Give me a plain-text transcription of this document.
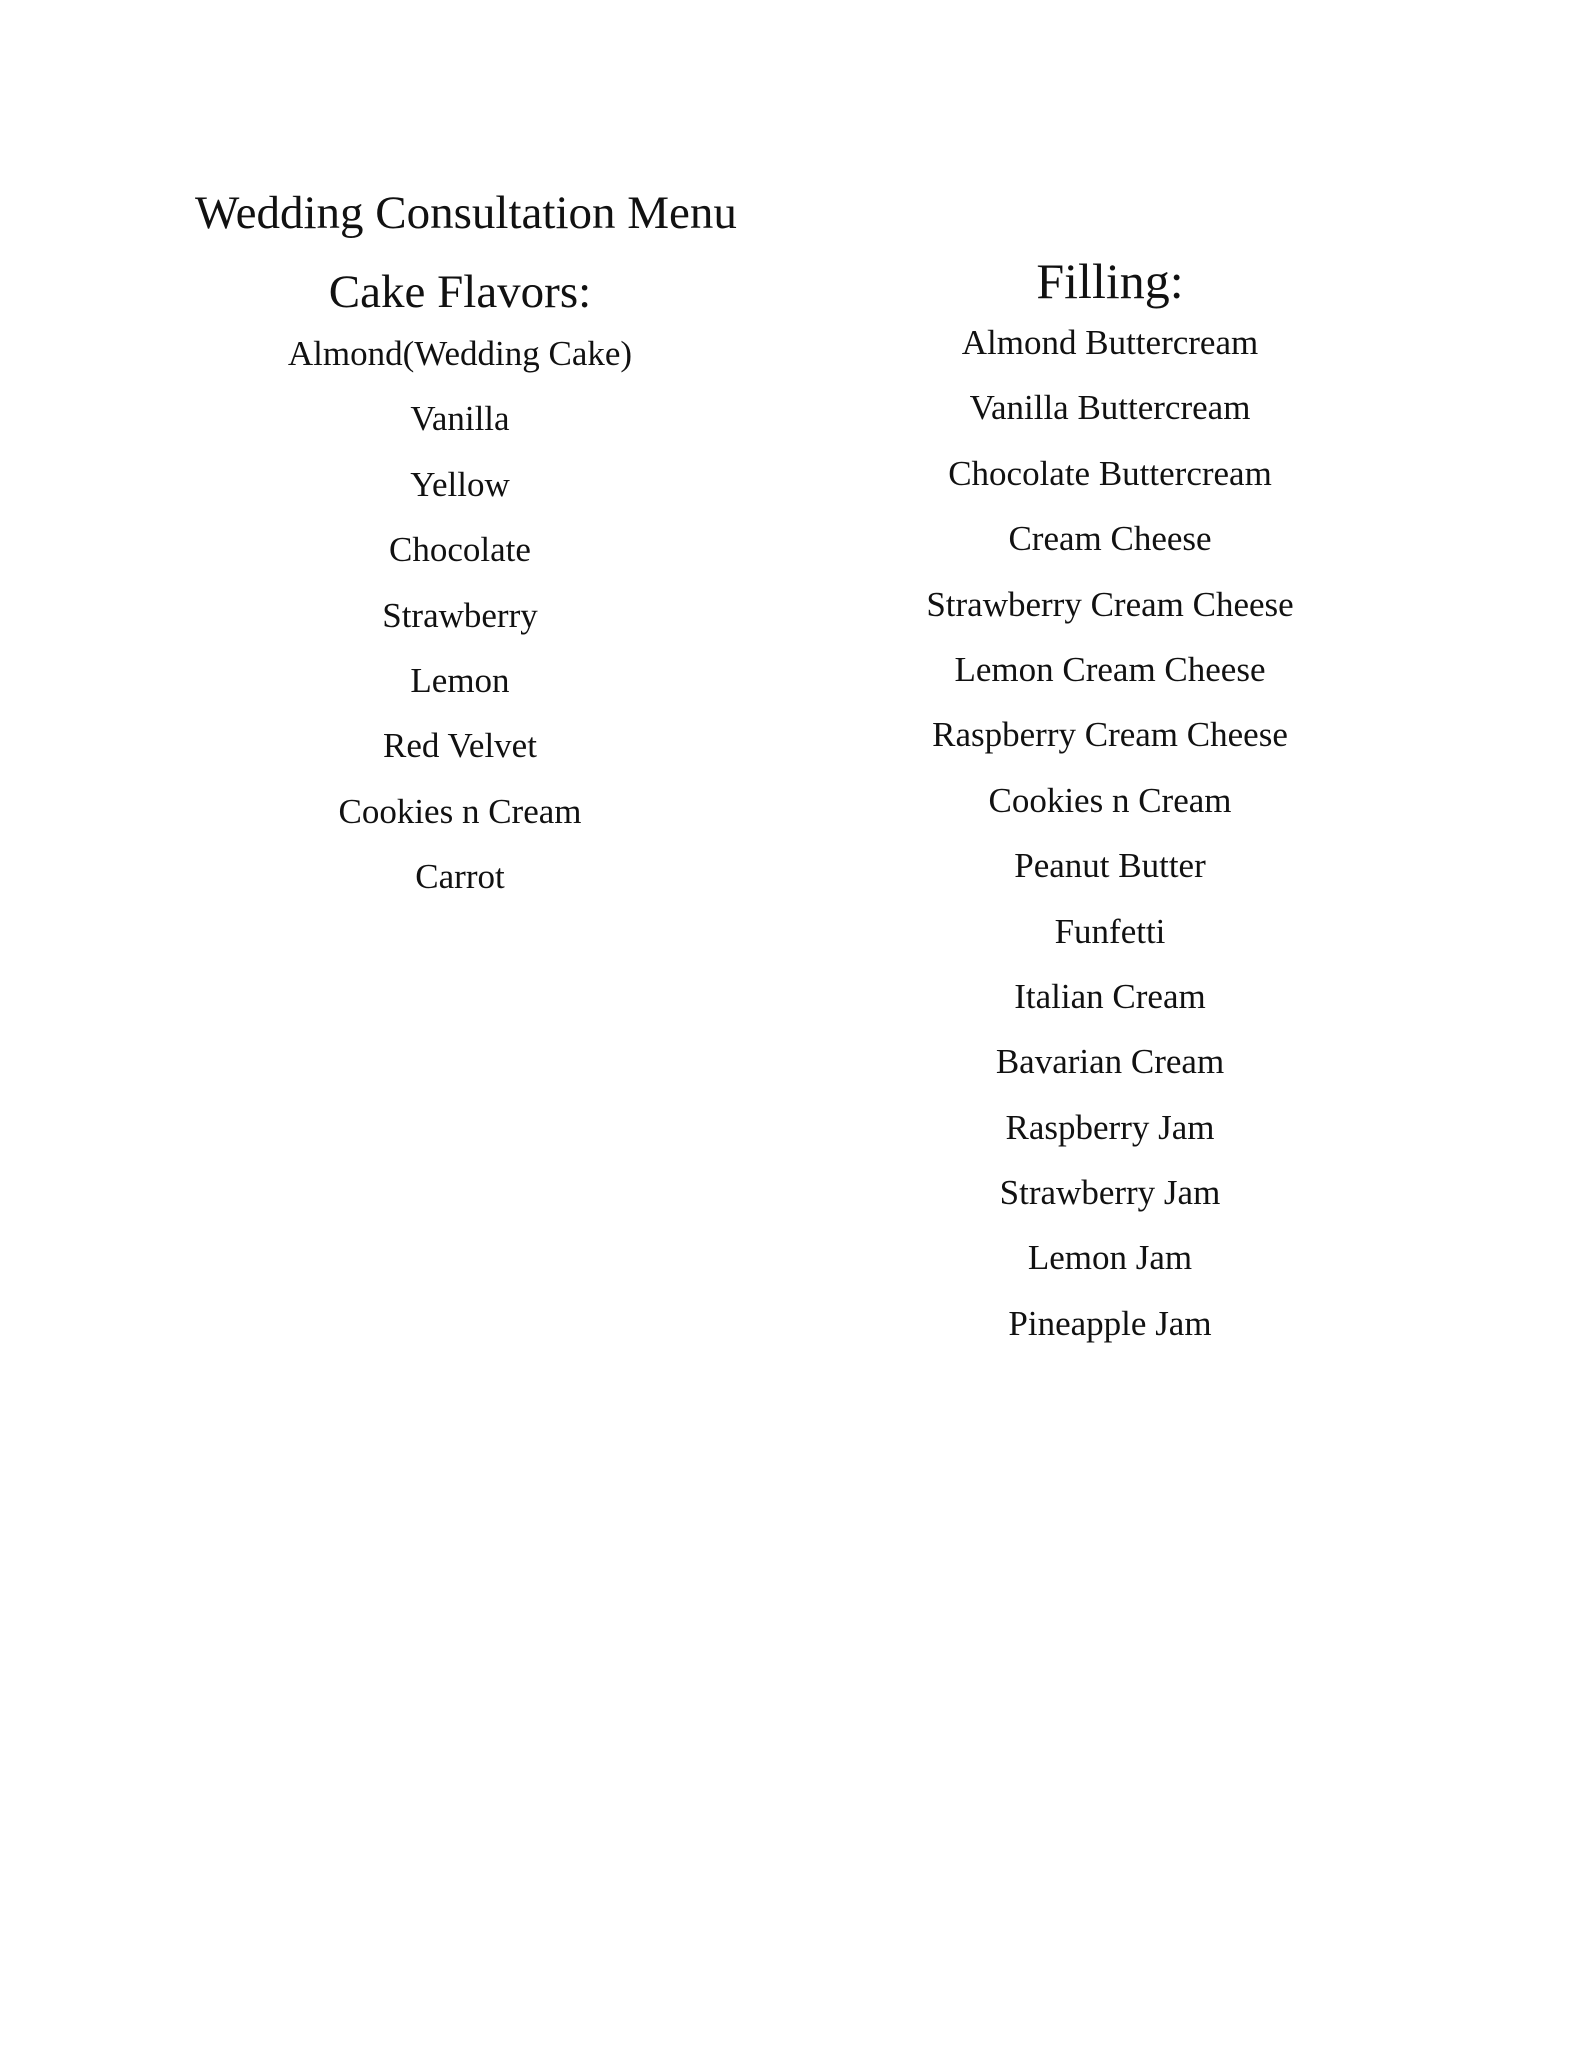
Wedding Consultation Menu
Cake Flavors:
Almond(Wedding Cake)
Vanilla
Yellow
Chocolate
Strawberry
Lemon
Red Velvet
Cookies n Cream
Carrot
Filling:
Almond Buttercream
Vanilla Buttercream
Chocolate Buttercream
Cream Cheese
Strawberry Cream Cheese
Lemon Cream Cheese
Raspberry Cream Cheese
Cookies n Cream
Peanut Butter
Funfetti
Italian Cream
Bavarian Cream
Raspberry Jam
Strawberry Jam
Lemon Jam
Pineapple Jam
